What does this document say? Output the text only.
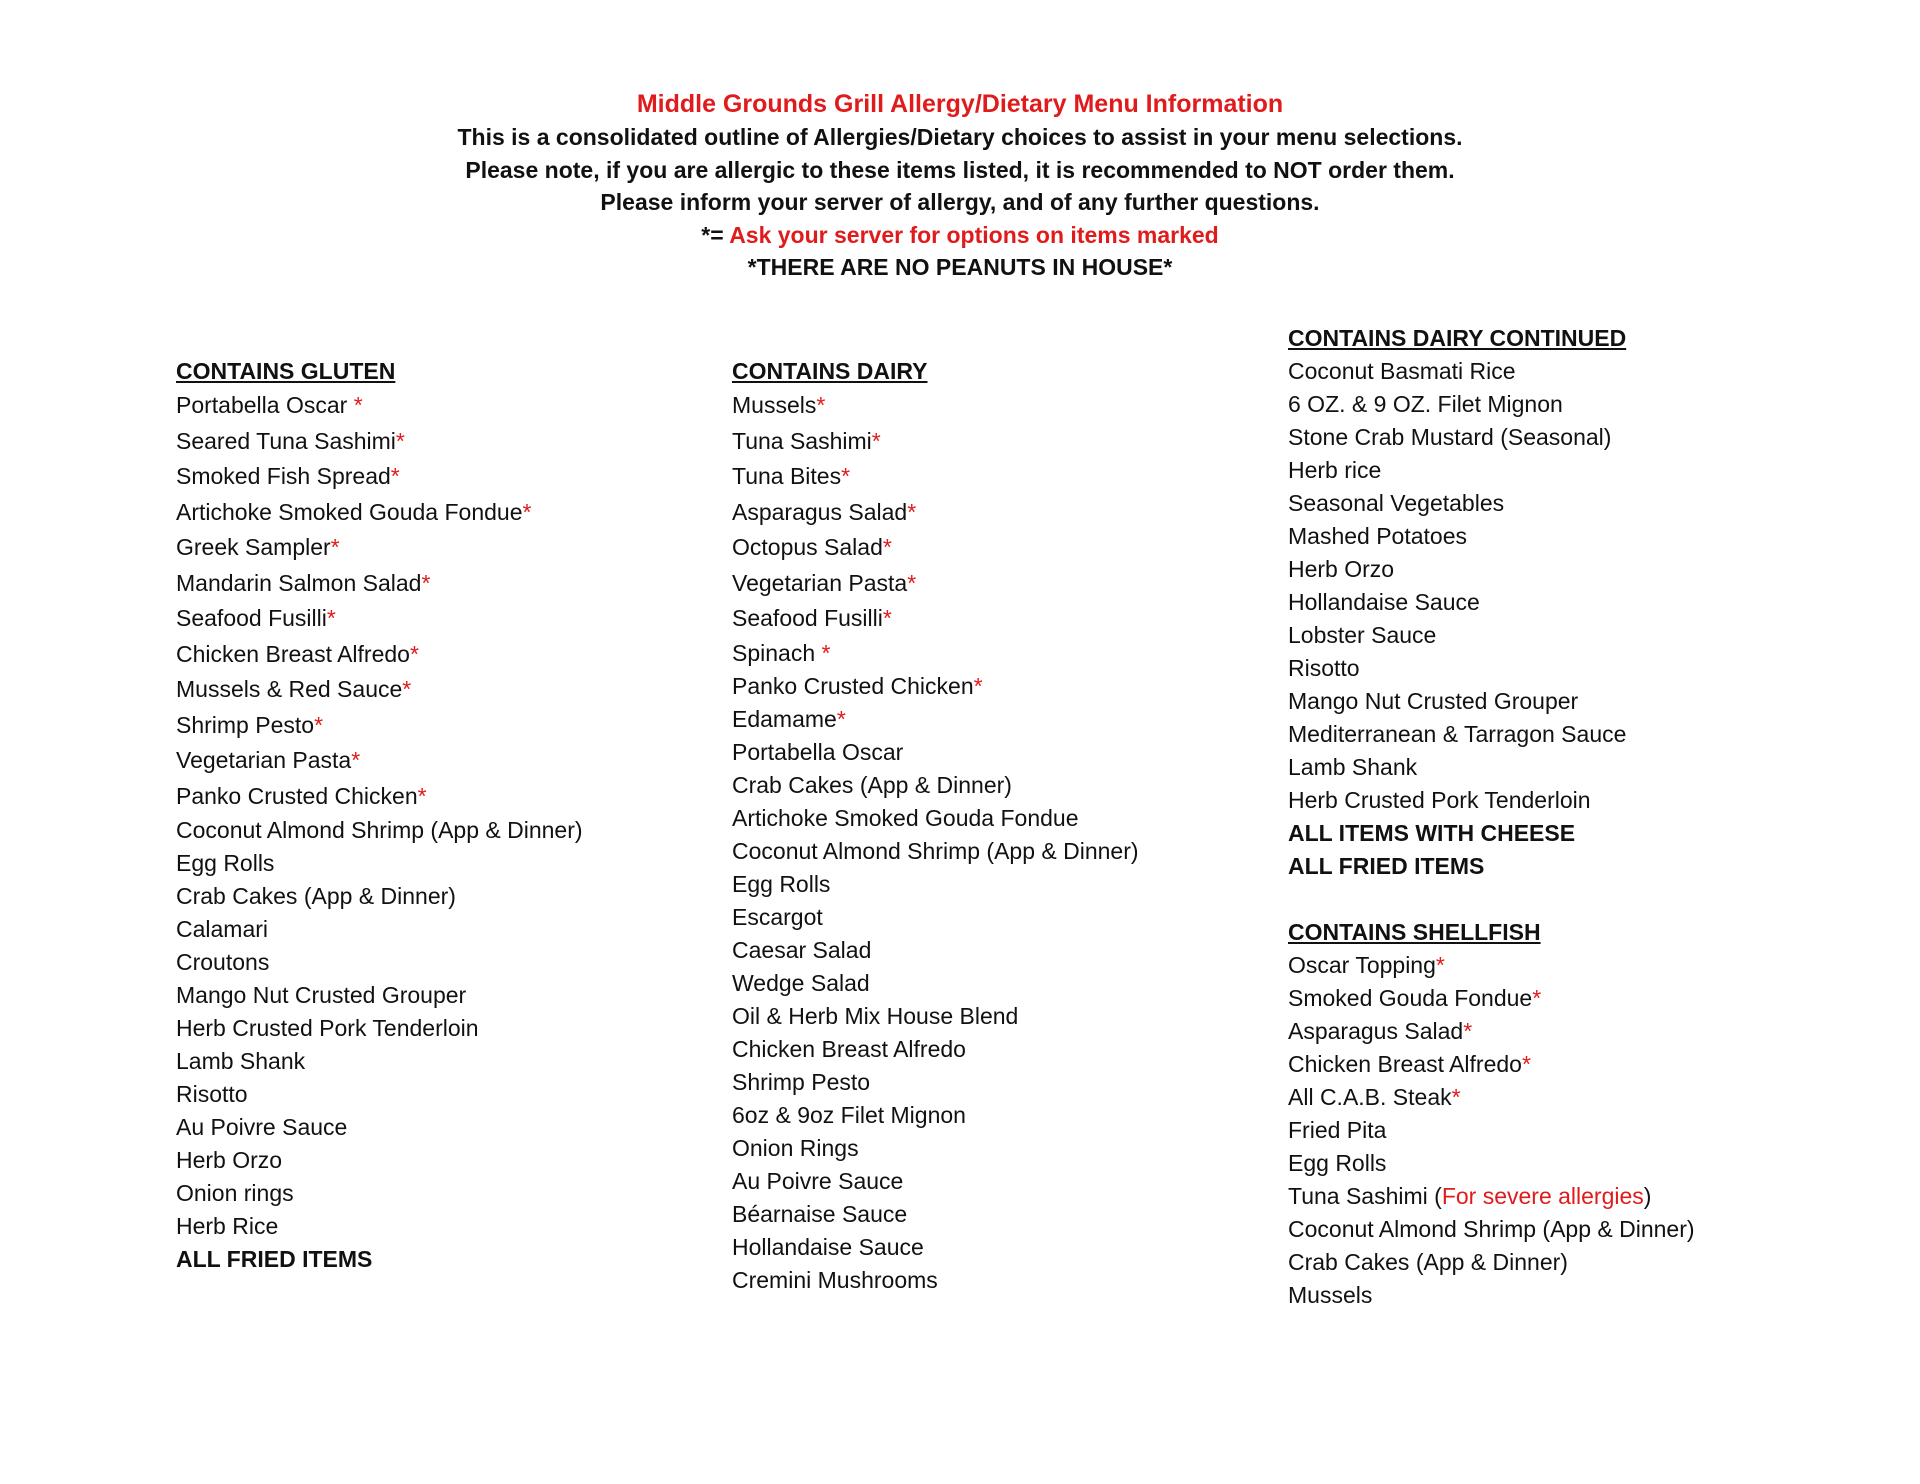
Middle Grounds Grill Allergy/Dietary Menu Information
This is a consolidated outline of Allergies/Dietary choices to assist in your menu selections.
Please note, if you are allergic to these items listed, it is recommended to NOT order them.
Please inform your server of allergy, and of any further questions.
*= Ask your server for options on items marked
*THERE ARE NO PEANUTS IN HOUSE*
CONTAINS GLUTEN
Portabella Oscar *
Seared Tuna Sashimi*
Smoked Fish Spread*
Artichoke Smoked Gouda Fondue*
Greek Sampler*
Mandarin Salmon Salad*
Seafood Fusilli*
Chicken Breast Alfredo*
Mussels & Red Sauce*
Shrimp Pesto*
Vegetarian Pasta*
Panko Crusted Chicken*
Coconut Almond Shrimp (App & Dinner)
Egg Rolls
Crab Cakes (App & Dinner)
Calamari
Croutons
Mango Nut Crusted Grouper
Herb Crusted Pork Tenderloin
Lamb Shank
Risotto
Au Poivre Sauce
Herb Orzo
Onion rings
Herb Rice
ALL FRIED ITEMS
CONTAINS DAIRY
Mussels*
Tuna Sashimi*
Tuna Bites*
Asparagus Salad*
Octopus Salad*
Vegetarian Pasta*
Seafood Fusilli*
Spinach *
Panko Crusted Chicken*
Edamame*
Portabella Oscar
Crab Cakes (App & Dinner)
Artichoke Smoked Gouda Fondue
Coconut Almond Shrimp (App & Dinner)
Egg Rolls
Escargot
Caesar Salad
Wedge Salad
Oil & Herb Mix House Blend
Chicken Breast Alfredo
Shrimp Pesto
6oz & 9oz Filet Mignon
Onion Rings
Au Poivre Sauce
Béarnaise Sauce
Hollandaise Sauce
Cremini Mushrooms
CONTAINS DAIRY CONTINUED
Coconut Basmati Rice
6 OZ. & 9 OZ. Filet Mignon
Stone Crab Mustard (Seasonal)
Herb rice
Seasonal Vegetables
Mashed Potatoes
Herb Orzo
Hollandaise Sauce
Lobster Sauce
Risotto
Mango Nut Crusted Grouper
Mediterranean & Tarragon Sauce
Lamb Shank
Herb Crusted Pork Tenderloin
ALL ITEMS WITH CHEESE
ALL FRIED ITEMS
CONTAINS SHELLFISH
Oscar Topping*
Smoked Gouda Fondue*
Asparagus Salad*
Chicken Breast Alfredo*
All C.A.B. Steak*
Fried Pita
Egg Rolls
Tuna Sashimi (For severe allergies)
Coconut Almond Shrimp (App & Dinner)
Crab Cakes (App & Dinner)
Mussels
